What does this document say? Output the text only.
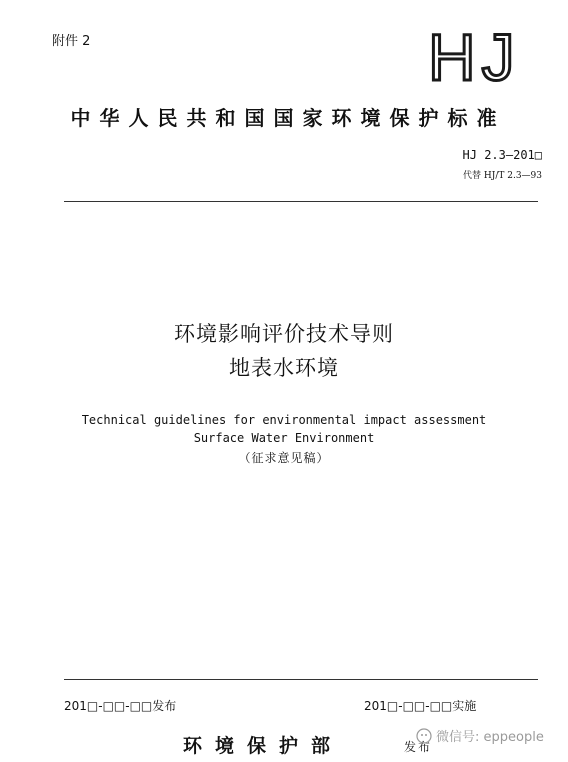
附件 2	HJ
中华人民共和国国家环境保护标准
HJ 2.3—201□
代替 HJ/T 2.3—93
环境影响评价技术导则
地表水环境
Technical guidelines for environmental impact assessment
Surface Water Environment
（征求意见稿）
201□-□□-□□发布	201□-□□-□□实施
环境保护部	发布
微信号: eppeople
